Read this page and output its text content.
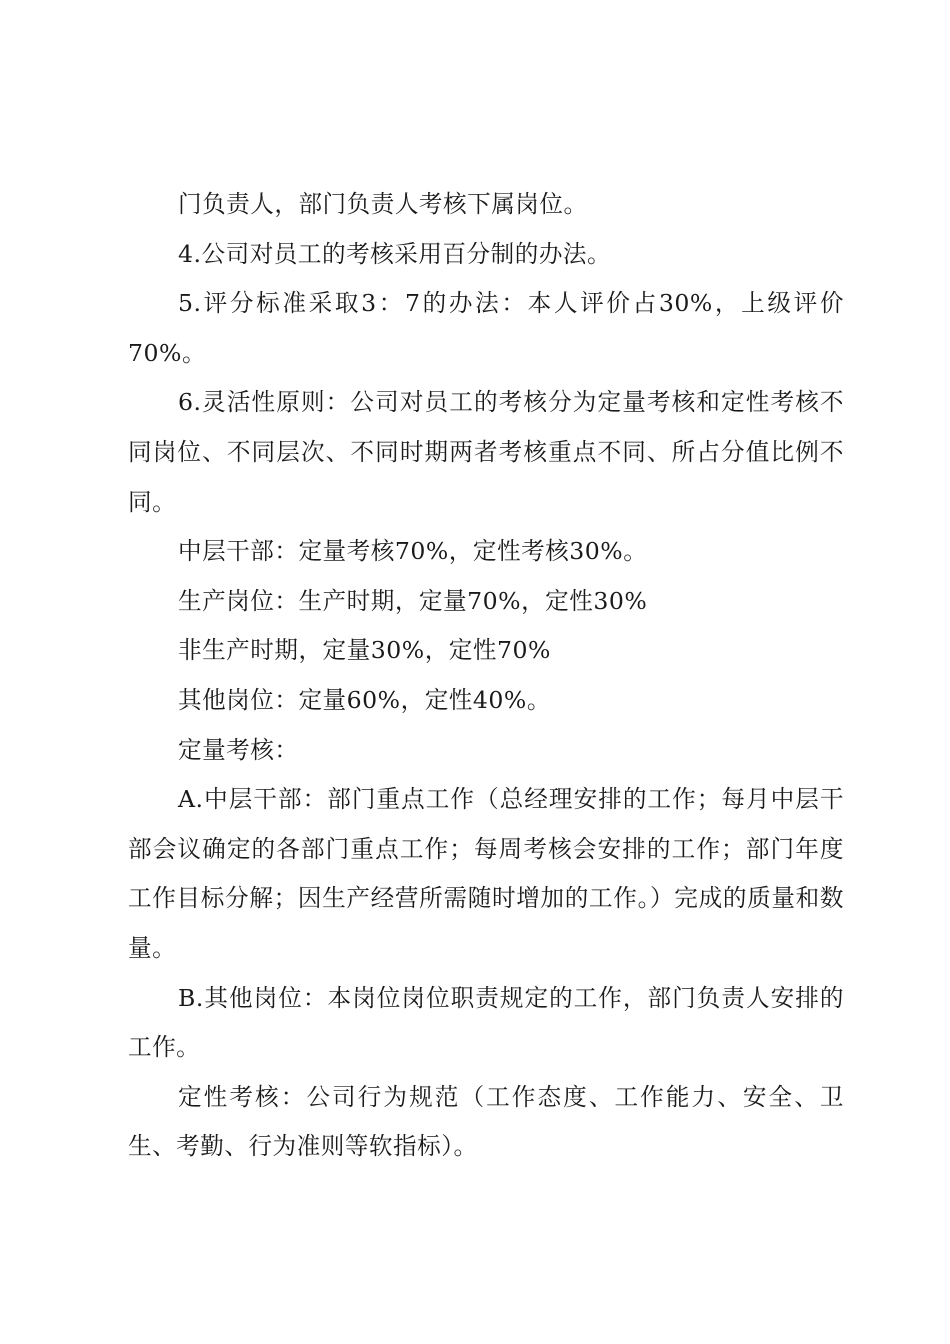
门负责人，部门负责人考核下属岗位。

4.公司对员工的考核采用百分制的办法。

5.评分标准采取3：7的办法：本人评价占30%，上级评价70%。

6.灵活性原则：公司对员工的考核分为定量考核和定性考核不同岗位、不同层次、不同时期两者考核重点不同、所占分值比例不同。

中层干部：定量考核70%，定性考核30%。

生产岗位：生产时期，定量70%，定性30%

非生产时期，定量30%，定性70%

其他岗位：定量60%，定性40%。

定量考核：

A.中层干部：部门重点工作（总经理安排的工作；每月中层干部会议确定的各部门重点工作；每周考核会安排的工作；部门年度工作目标分解；因生产经营所需随时增加的工作。）完成的质量和数量。

B.其他岗位：本岗位岗位职责规定的工作，部门负责人安排的工作。

定性考核：公司行为规范（工作态度、工作能力、安全、卫生、考勤、行为准则等软指标）。
